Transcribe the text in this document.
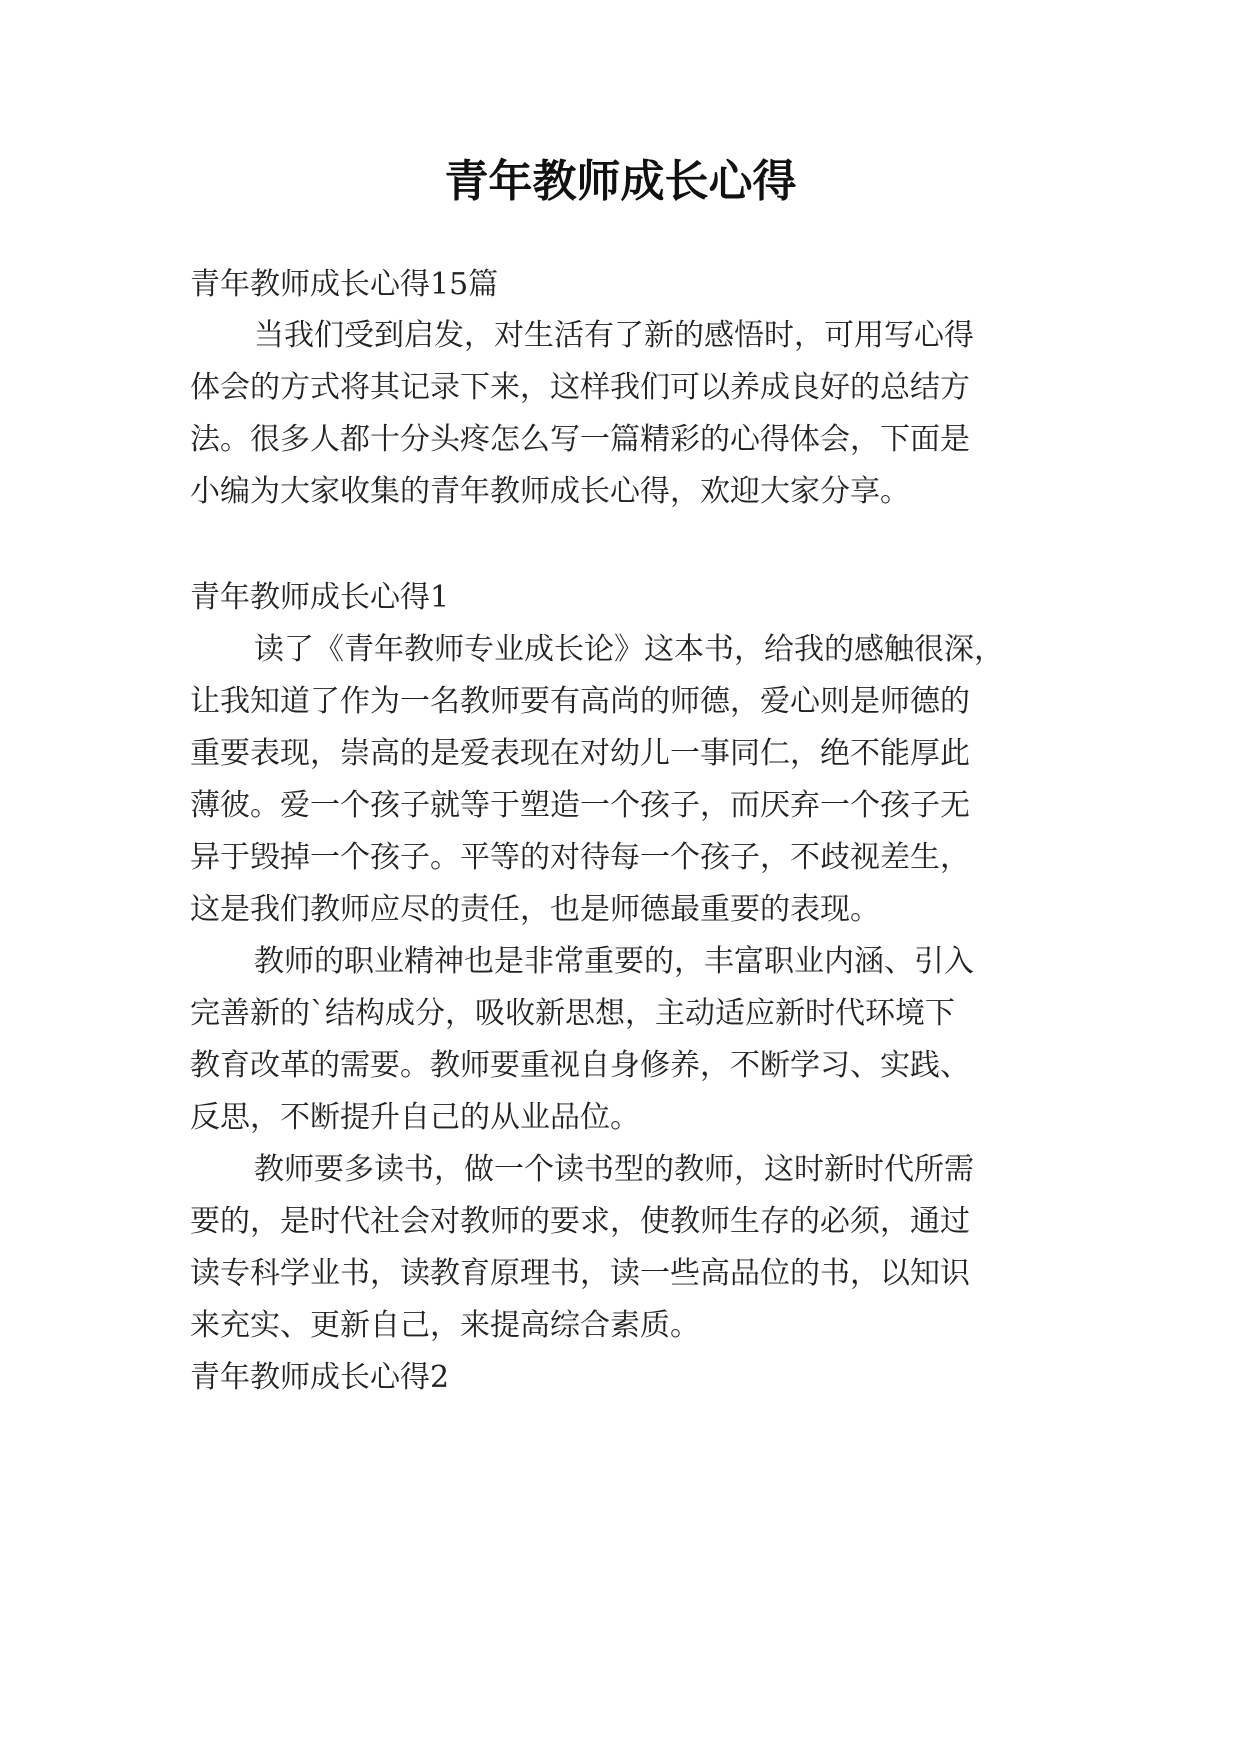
青年教师成长心得

青年教师成长心得15篇

当我们受到启发，对生活有了新的感悟时，可用写心得

体会的方式将其记录下来，这样我们可以养成良好的总结方

法。很多人都十分头疼怎么写一篇精彩的心得体会，下面是

小编为大家收集的青年教师成长心得，欢迎大家分享。

青年教师成长心得1

读了《青年教师专业成长论》这本书，给我的感触很深，

让我知道了作为一名教师要有高尚的师德，爱心则是师德的

重要表现，崇高的是爱表现在对幼儿一事同仁，绝不能厚此

薄彼。爱一个孩子就等于塑造一个孩子，而厌弃一个孩子无

异于毁掉一个孩子。平等的对待每一个孩子，不歧视差生，

这是我们教师应尽的责任，也是师德最重要的表现。

教师的职业精神也是非常重要的，丰富职业内涵、引入

完善新的`结构成分，吸收新思想，主动适应新时代环境下

教育改革的需要。教师要重视自身修养，不断学习、实践、

反思，不断提升自己的从业品位。

教师要多读书，做一个读书型的教师，这时新时代所需

要的，是时代社会对教师的要求，使教师生存的必须，通过

读专科学业书，读教育原理书，读一些高品位的书，以知识

来充实、更新自己，来提高综合素质。

青年教师成长心得2
